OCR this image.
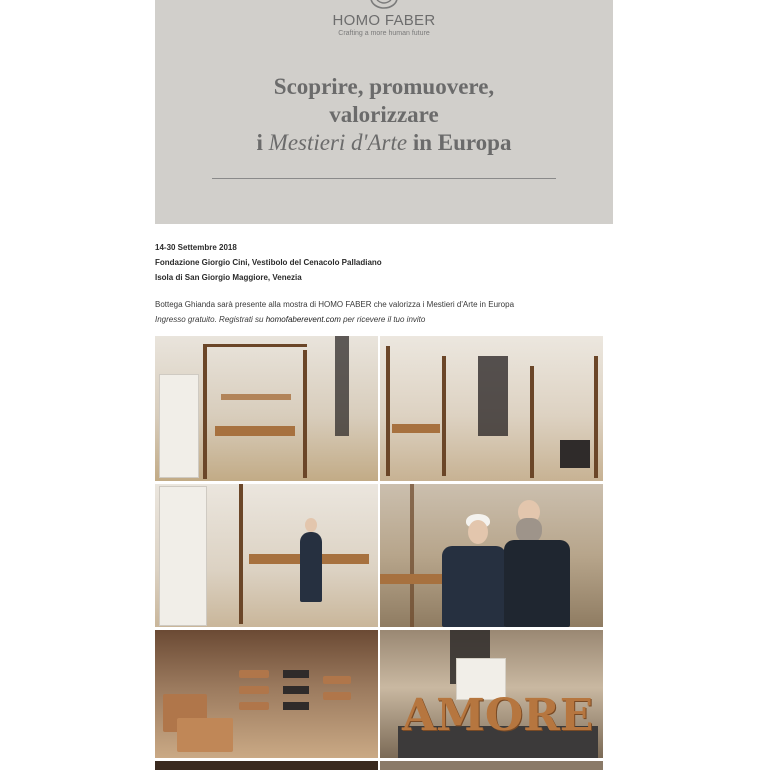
HOMO FABER
Crafting a more human future
Scoprire, promuovere,
valorizzare
i Mestieri d'Arte in Europa
14-30 Settembre 2018
Fondazione Giorgio Cini, Vestibolo del Cenacolo Palladiano
Isola di San Giorgio Maggiore, Venezia
Bottega Ghianda sarà presente alla mostra di HOMO FABER che valorizza i Mestieri d'Arte in Europa
Ingresso gratuito. Registrati su homofaberevent.com per ricevere il tuo invito
AMORE
